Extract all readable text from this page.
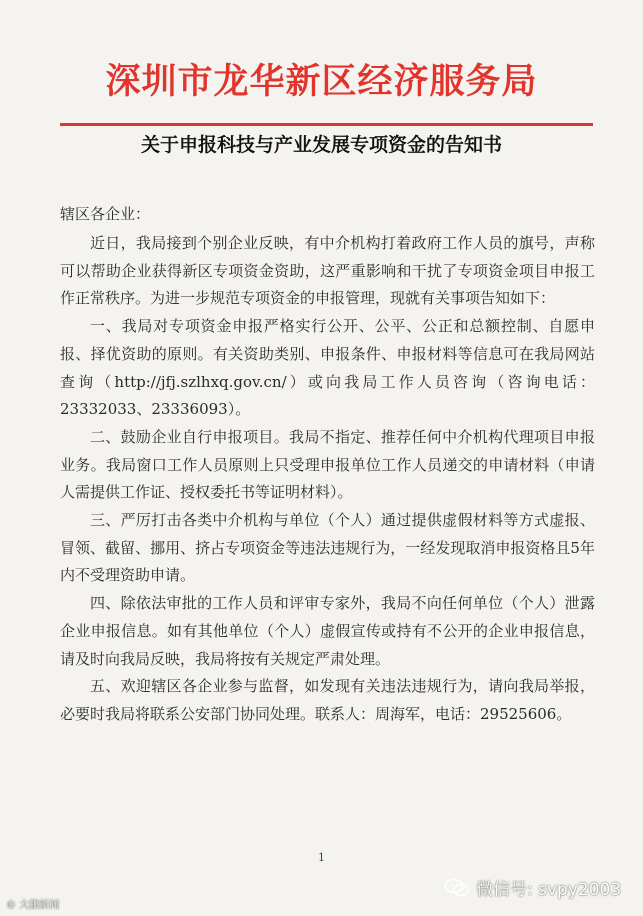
深圳市龙华新区经济服务局
关于申报科技与产业发展专项资金的告知书
辖区各企业：

近日，我局接到个别企业反映，有中介机构打着政府工作人员的旗号，声称可以帮助企业获得新区专项资金资助，这严重影响和干扰了专项资金项目申报工作正常秩序。为进一步规范专项资金的申报管理，现就有关事项告知如下：

一、我局对专项资金申报严格实行公开、公平、公正和总额控制、自愿申报、择优资助的原则。有关资助类别、申报条件、申报材料等信息可在我局网站查询（http://jfj.szlhxq.gov.cn/）或向我局工作人员咨询（咨询电话：23332033、23336093）。

二、鼓励企业自行申报项目。我局不指定、推荐任何中介机构代理项目申报业务。我局窗口工作人员原则上只受理申报单位工作人员递交的申请材料（申请人需提供工作证、授权委托书等证明材料）。

三、严厉打击各类中介机构与单位（个人）通过提供虚假材料等方式虚报、冒领、截留、挪用、挤占专项资金等违法违规行为，一经发现取消申报资格且5年内不受理资助申请。

四、除依法审批的工作人员和评审专家外，我局不向任何单位（个人）泄露企业申报信息。如有其他单位（个人）虚假宣传或持有不公开的企业申报信息，请及时向我局反映，我局将按有关规定严肃处理。

五、欢迎辖区各企业参与监督，如发现有关违法违规行为，请向我局举报，必要时我局将联系公安部门协同处理。联系人：周海军，电话：29525606。

1
© 大鹏新闻
微信号: svpy2003
